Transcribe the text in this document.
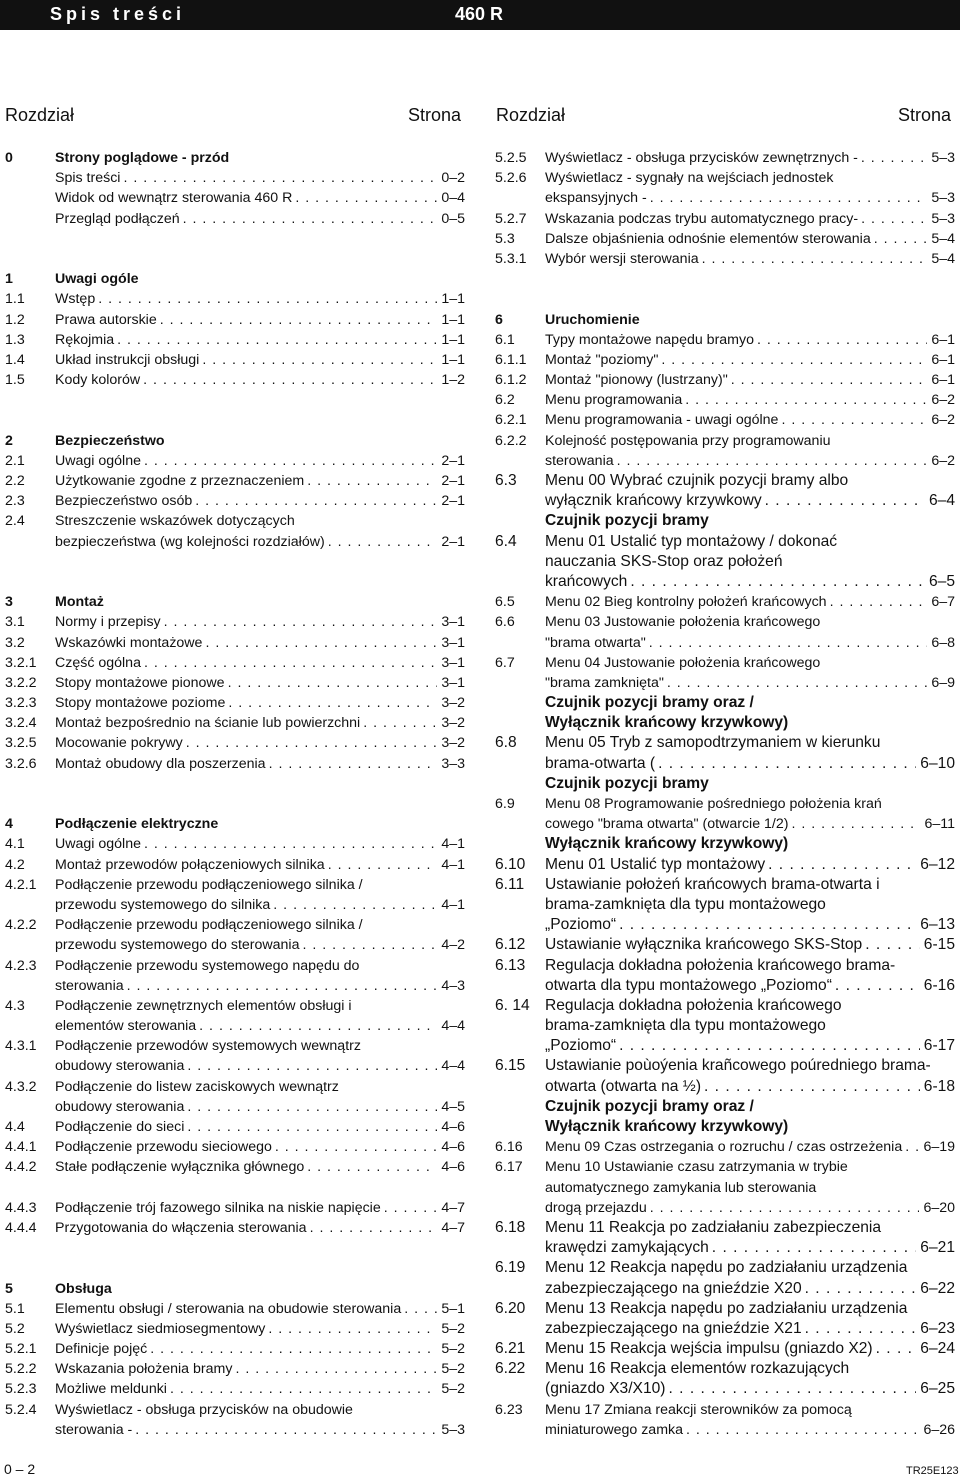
Spis treści	460 R
Rozdział	Strona Rozdział	Strona
0	Strony poglądowe - przód
Spis treści . . .	0–2
Widok od wewnątrz sterowania 460 R . . .	0–4
Przegląd podłączeń . . .	0–5
1	Uwagi ogóle
1.1 Wstęp . . .	1–1
1.2 Prawa autorskie . . .	1–1
1.3 Rękojmia . . .	1–1
1.4 Układ instrukcji obsługi . . .	1–1
1.5 Kody kolorów . . .	1–2
2	Bezpieczeństwo
2.1 Uwagi ogólne . . .	2–1
2.2 Użytkowanie zgodne z przeznaczeniem . . .	2–1
2.3 Bezpieczeństwo osób . . .	2–1
2.4 Streszczenie wskazówek dotyczących
bezpieczeństwa (wg kolejności rozdziałów) . . .	2–1
3	Montaż
3.1 Normy i przepisy . . .	3–1
3.2 Wskazówki montażowe . . .	3–1
3.2.1 Część ogólna . . .	3–1
3.2.2 Stopy montażowe pionowe . . .	3–1
3.2.3 Stopy montażowe poziome . . .	3–2
3.2.4 Montaż bezpośrednio na ścianie lub powierzchni . . .	3–2
3.2.5 Mocowanie pokrywy . . .	3–2
3.2.6 Montaż obudowy dla poszerzenia . . .	3–3
4	Podłączenie elektryczne
4.1 Uwagi ogólne . . .	4–1
4.2 Montaż przewodów połączeniowych silnika . . .	4–1
4.2.1 Podłączenie przewodu podłączeniowego silnika /
przewodu systemowego do silnika . . .	4–1
4.2.2 Podłączenie przewodu podłączeniowego silnika /
przewodu systemowego do sterowania . . .	4–2
4.2.3 Podłączenie przewodu systemowego napędu do
sterowania . . .	4–3
4.3 Podłączenie zewnętrznych elementów obsługi i
elementów sterowania . . .	4–4
4.3.1 Podłączenie przewodów systemowych wewnątrz
obudowy sterowania . . .	4–4
4.3.2 Podłączenie do listew zaciskowych wewnątrz
obudowy sterowania . . .	4–5
4.4 Podłączenie do sieci . . .	4–6
4.4.1 Podłączenie przewodu sieciowego . . .	4–6
4.4.2 Stałe podłączenie wyłącznika głównego . . .	4–6
4.4.3 Podłączenie trój fazowego silnika na niskie napięcie . . .	4–7
4.4.4 Przygotowania do włączenia sterowania . . .	4–7
5	Obsługa
5.1 Elementu obsługi / sterowania na obudowie sterowania . . .	5–1
5.2 Wyświetlacz siedmiosegmentowy . . .	5–2
5.2.1 Definicje pojęć . . .	5–2
5.2.2 Wskazania położenia bramy . . .	5–2
5.2.3 Możliwe meldunki . . .	5–2
5.2.4 Wyświetlacz - obsługa przycisków na obudowie
sterowania - . . .	5–3
5.2.5 Wyświetlacz - obsługa przycisków zewnętrznych - . . .	5–3
5.2.6 Wyświetlacz - sygnały na wejściach jednostek
ekspansyjnych - . . .	5–3
5.2.7 Wskazania podczas trybu automatycznego pracy- . . .	5–3
5.3 Dalsze objaśnienia odnośnie elementów sterowania . . .	5–4
5.3.1 Wybór wersji sterowania . . .	5–4
6	Uruchomienie
6.1 Typy montażowe napędu bramyo . . .	6–1
6.1.1 Montaż "poziomy" . . .	6–1
6.1.2 Montaż "pionowy (lustrzany)" . . .	6–1
6.2 Menu programowania . . .	6–2
6.2.1 Menu programowania - uwagi ogólne . . .	6–2
6.2.2 Kolejność postępowania przy programowaniu
sterowania . . .	6–2
6.3 Menu 00 Wybrać czujnik pozycji bramy albo
wyłącznik krańcowy krzywkowy . . .	6–4
Czujnik pozycji bramy
6.4 Menu 01 Ustalić typ montażowy / dokonać
nauczania SKS-Stop oraz położeń
krańcowych . . .	6–5
6.5 Menu 02 Bieg kontrolny położeń krańcowych . . .	6–7
6.6 Menu 03 Justowanie położenia krańcowego
"brama otwarta" . . .	6–8
6.7 Menu 04 Justowanie położenia krańcowego
"brama zamknięta" . . .	6–9
Czujnik pozycji bramy oraz /
Wyłącznik krańcowy krzywkowy)
6.8 Menu 05 Tryb z samopodtrzymaniem w kierunku
brama-otwarta ( . . .	6–10
Czujnik pozycji bramy
6.9 Menu 08 Programowanie pośredniego położenia krań
cowego "brama otwarta" (otwarcie 1/2) . . .	6–11
Wyłącznik krańcowy krzywkowy)
6.10 Menu 01 Ustalić typ montażowy . . .	6–12
6.11 Ustawianie położeń krańcowych brama-otwarta i
brama-zamknięta dla typu montażowego
„Poziomo“ . . .	6–13
6.12 Ustawianie wyłącznika krańcowego SKS-Stop . . .	6-15
6.13 Regulacja dokładna położenia krańcowego brama-
otwarta dla typu montażowego „Poziomo“ . . .	6-16
6. 14 Regulacja dokładna położenia krańcowego
brama-zamknięta dla typu montażowego
„Poziomo“ . . .	6-17
6.15 Ustawianie poùoýenia krañcowego poúredniego brama-
otwarta (otwarta na ½) . . .	6-18
Czujnik pozycji bramy oraz /
Wyłącznik krańcowy krzywkowy)
6.16 Menu 09 Czas ostrzegania o rozruchu / czas ostrzeżenia . . . 6–19
6.17 Menu 10 Ustawianie czasu zatrzymania w trybie
automatycznego zamykania lub sterowania
drogą przejazdu . . .	6–20
6.18 Menu 11 Reakcja po zadziałaniu zabezpieczenia
krawędzi zamykających . . .	6–21
6.19 Menu 12 Reakcja napędu po zadziałaniu urządzenia
zabezpieczającego na gnieździe X20 . . .	6–22
6.20 Menu 13 Reakcja napędu po zadziałaniu urządzenia
zabezpieczającego na gnieździe X21 . . .	6–23
6.21 Menu 15 Reakcja wejścia impulsu (gniazdo X2) . . .	6–24
6.22 Menu 16 Reakcja elementów rozkazujących
(gniazdo X3/X10) . . .	6–25
6.23 Menu 17 Zmiana reakcji sterowników za pomocą
miniaturowego zamka . . .	6–26
0 – 2	TR25E123
